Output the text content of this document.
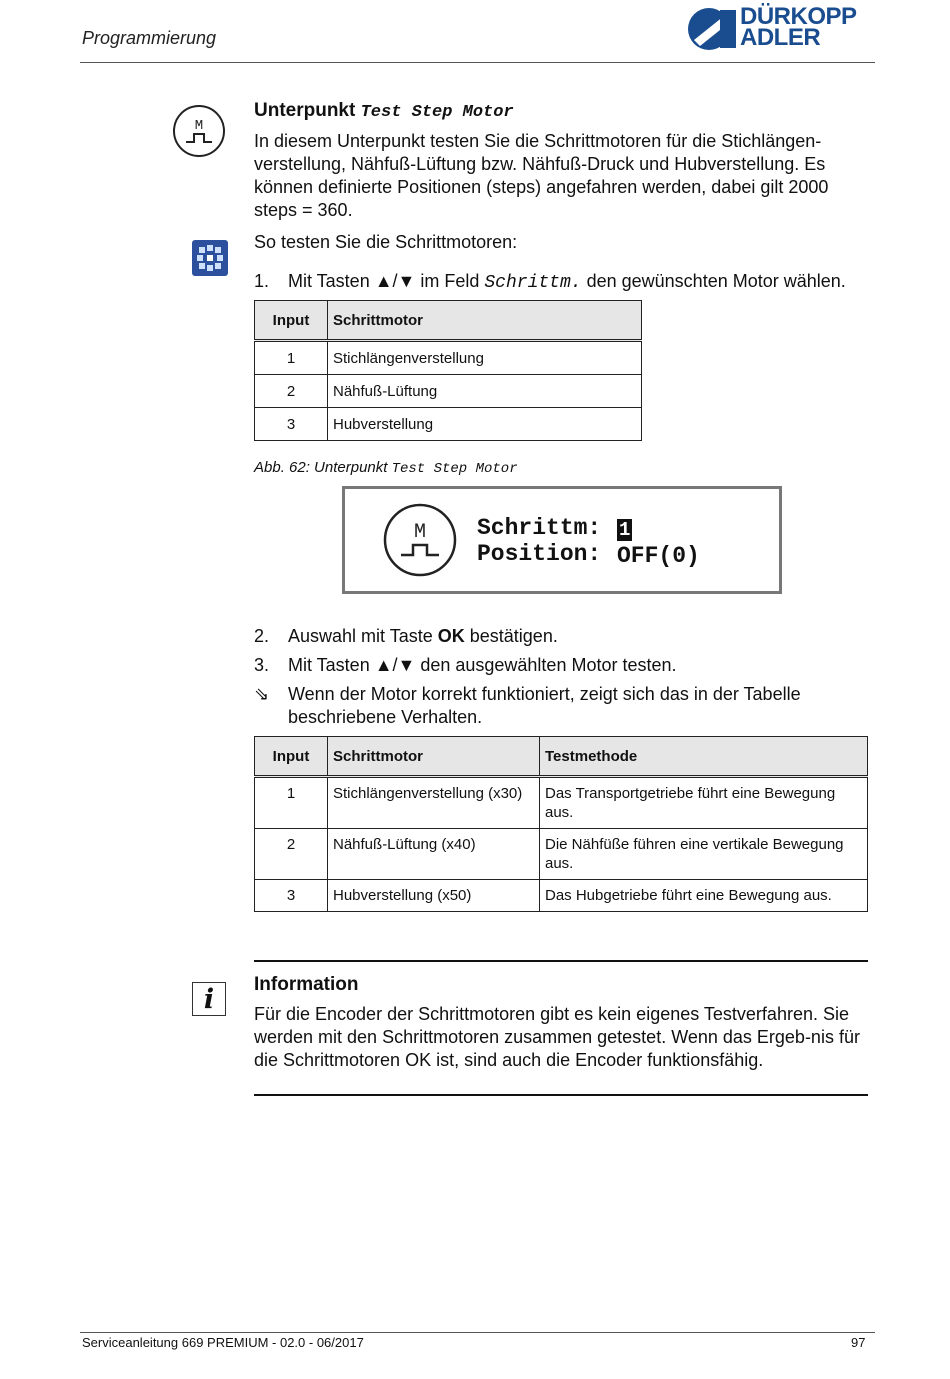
Programmierung
DÜRKOPP
ADLER
M
Unterpunkt Test Step Motor
In diesem Unterpunkt testen Sie die Schrittmotoren für die Stichlängen-verstellung, Nähfuß-Lüftung bzw. Nähfuß-Druck und Hubverstellung. Es können definierte Positionen (steps) angefahren werden, dabei gilt 2000 steps = 360.
So testen Sie die Schrittmotoren:
1. Mit Tasten ▲/▼ im Feld Schrittm. den gewünschten Motor wählen.
Input	Schrittmotor
1	Stichlängenverstellung
2	Nähfuß-Lüftung
3	Hubverstellung
Abb. 62: Unterpunkt Test Step Motor
M Schrittm: 1
Position: OFF(0)
2. Auswahl mit Taste OK bestätigen.
3. Mit Tasten ▲/▼ den ausgewählten Motor testen.
⇘ Wenn der Motor korrekt funktioniert, zeigt sich das in der Tabelle beschriebene Verhalten.
Input	Schrittmotor	Testmethode
1	Stichlängenverstellung (x30)	Das Transportgetriebe führt eine Bewegung aus.
2	Nähfuß-Lüftung (x40)	Die Nähfüße führen eine vertikale Bewegung aus.
3	Hubverstellung (x50)	Das Hubgetriebe führt eine Bewegung aus.
i	Information
Für die Encoder der Schrittmotoren gibt es kein eigenes Testverfahren. Sie werden mit den Schrittmotoren zusammen getestet. Wenn das Ergeb-nis für die Schrittmotoren OK ist, sind auch die Encoder funktionsfähig.
Serviceanleitung 669 PREMIUM - 02.0 - 06/2017	97
